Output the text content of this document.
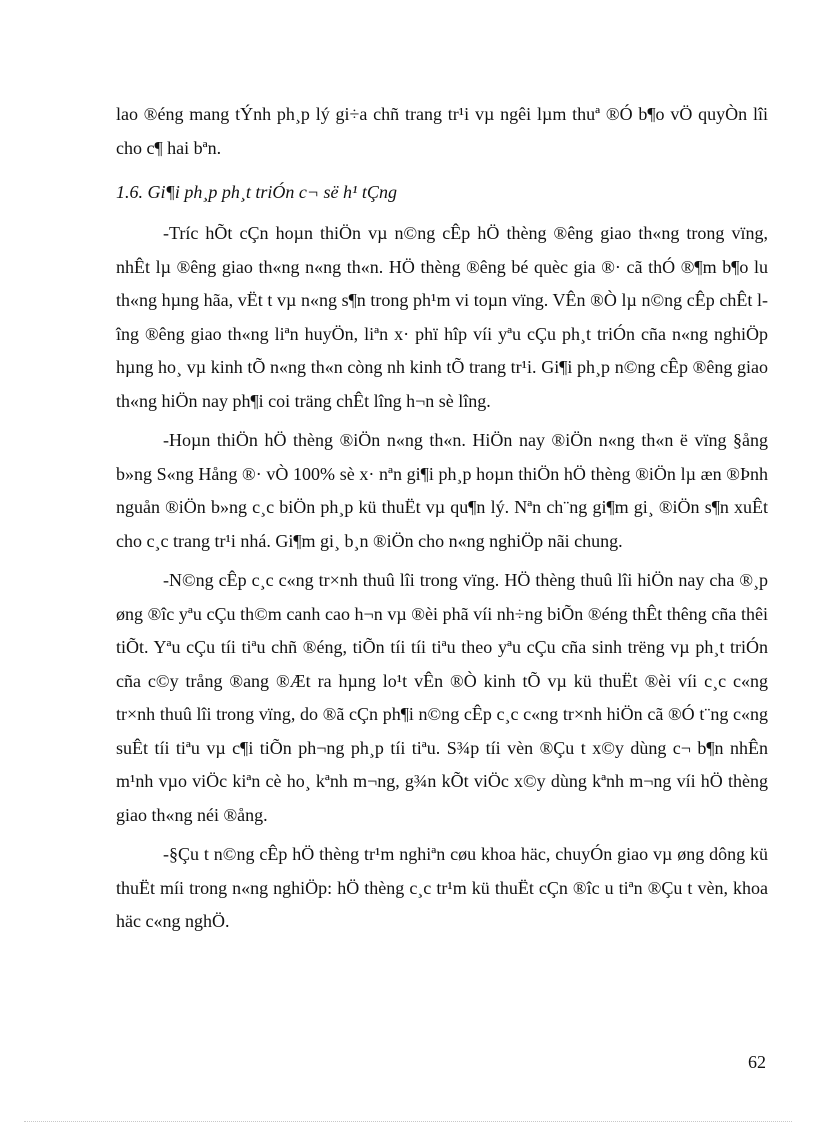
lao ®éng mang tÝnh ph¸p lý gi÷a chñ trang tr¹i vµ ngêi lµm thuª ®Ó b¶o vÖ quyÒn lîi cho c¶ hai bªn.

1.6. Gi¶i ph¸p ph¸t triÓn c¬ së h¹ tÇng

-Tríc hÕt cÇn hoµn thiÖn vµ n©ng cÊp hÖ thèng ®êng giao th«ng trong vïng, nhÊt lµ ®êng giao th«ng n«ng th«n. HÖ thèng ®êng bé quèc gia ®· cã thÓ ®¶m b¶o lu th«ng hµng hãa, vËt t vµ n«ng s¶n trong ph¹m vi toµn vïng. VÊn ®Ò lµ n©ng cÊp chÊt lîng ®êng giao th«ng liªn huyÖn, liªn x· phï hîp víi yªu cÇu ph¸t triÓn cña n«ng nghiÖp hµng ho¸ vµ kinh tÕ n«ng th«n còng nh kinh tÕ trang tr¹i. Gi¶i ph¸p n©ng cÊp ®êng giao th«ng hiÖn nay ph¶i coi träng chÊt lîng h¬n sè lîng.

-Hoµn thiÖn hÖ thèng ®iÖn n«ng th«n. HiÖn nay ®iÖn n«ng th«n ë vïng §ång b»ng S«ng Hång ®· vÒ 100% sè x· nªn gi¶i ph¸p hoµn thiÖn hÖ thèng ®iÖn lµ æn ®Þnh nguån ®iÖn b»ng c¸c biÖn ph¸p kü thuËt vµ qu¶n lý. Nªn ch¨ng gi¶m gi¸ ®iÖn s¶n xuÊt cho c¸c trang tr¹i nhá. Gi¶m gi¸ b¸n ®iÖn cho n«ng nghiÖp nãi chung.

-N©ng cÊp c¸c c«ng tr×nh thuû lîi trong vïng. HÖ thèng thuû lîi hiÖn nay cha ®¸p øng ®îc yªu cÇu th©m canh cao h¬n vµ ®èi phã víi nh÷ng biÕn ®éng thÊt thêng cña thêi tiÕt. Yªu cÇu tíi tiªu chñ ®éng, tiÕn tíi tíi tiªu theo yªu cÇu cña sinh trëng vµ ph¸t triÓn cña c©y trång ®ang ®Æt ra hµng lo¹t vÊn ®Ò kinh tÕ vµ kü thuËt ®èi víi c¸c c«ng tr×nh thuû lîi trong vïng, do ®ã cÇn ph¶i n©ng cÊp c¸c c«ng tr×nh hiÖn cã ®Ó t¨ng c«ng suÊt tíi tiªu vµ c¶i tiÕn ph¬ng ph¸p tíi tiªu. S¾p tíi vèn ®Çu t x©y dùng c¬ b¶n nhÊn m¹nh vµo viÖc kiªn cè ho¸ kªnh m¬ng, g¾n kÕt viÖc x©y dùng kªnh m¬ng víi hÖ thèng giao th«ng néi ®ång.

-§Çu t n©ng cÊp hÖ thèng tr¹m nghiªn cøu khoa häc, chuyÓn giao vµ øng dông kü thuËt míi trong n«ng nghiÖp: hÖ thèng c¸c tr¹m kü thuËt cÇn ®îc u tiªn ®Çu t vèn, khoa häc c«ng nghÖ.

62
